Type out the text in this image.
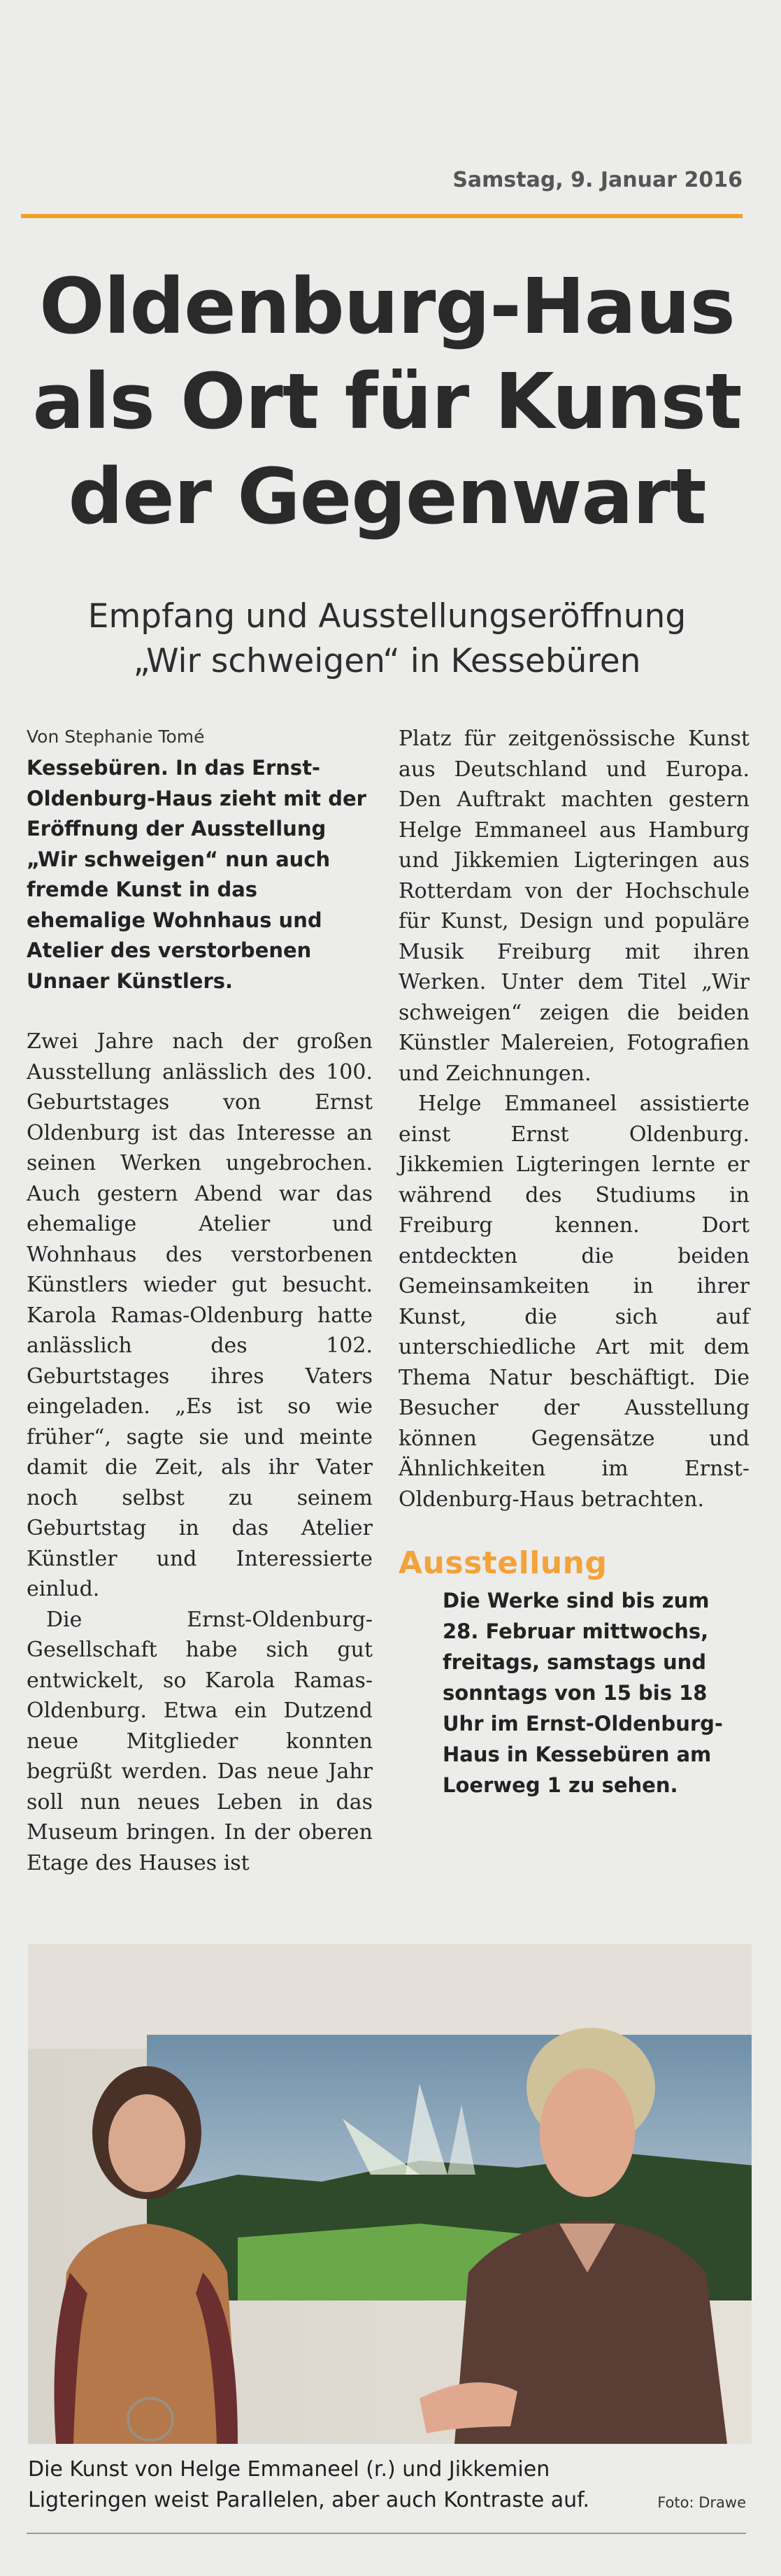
Samstag, 9. Januar 2016
Oldenburg-Haus
als Ort für Kunst
der Gegenwart
Empfang und Ausstellungseröffnung
„Wir schweigen“ in Kessebüren

Von Stephanie Tomé

Kessebüren. In das Ernst-Oldenburg-Haus zieht mit der Eröffnung der Ausstellung „Wir schweigen“ nun auch fremde Kunst in das ehemalige Wohnhaus und Atelier des verstorbenen Unnaer Künstlers.

Zwei Jahre nach der großen Ausstellung anlässlich des 100. Geburtstages von Ernst Oldenburg ist das Interesse an seinen Werken ungebrochen. Auch gestern Abend war das ehemalige Atelier und Wohnhaus des verstorbenen Künstlers wieder gut besucht. Karola Ramas-Oldenburg hatte anlässlich des 102. Geburtstages ihres Vaters eingeladen. „Es ist so wie früher“, sagte sie und meinte damit die Zeit, als ihr Vater noch selbst zu seinem Geburtstag in das Atelier Künstler und Interessierte einlud.

Die Ernst-Oldenburg-Gesellschaft habe sich gut entwickelt, so Karola Ramas-Oldenburg. Etwa ein Dutzend neue Mitglieder konnten begrüßt werden. Das neue Jahr soll nun neues Leben in das Museum bringen. In der oberen Etage des Hauses ist

Platz für zeitgenössische Kunst aus Deutschland und Europa. Den Auftrakt machten gestern Helge Emmaneel aus Hamburg und Jikkemien Ligteringen aus Rotterdam von der Hochschule für Kunst, Design und populäre Musik Freiburg mit ihren Werken. Unter dem Titel „Wir schweigen“ zeigen die beiden Künstler Malereien, Fotografien und Zeichnungen.

Helge Emmaneel assistierte einst Ernst Oldenburg. Jikkemien Ligteringen lernte er während des Studiums in Freiburg kennen. Dort entdeckten die beiden Gemeinsamkeiten in ihrer Kunst, die sich auf unterschiedliche Art mit dem Thema Natur beschäftigt. Die Besucher der Ausstellung können Gegensätze und Ähnlichkeiten im Ernst-Oldenburg-Haus betrachten.

Ausstellung

Die Werke sind bis zum 28. Februar mittwochs, freitags, samstags und sonntags von 15 bis 18 Uhr im Ernst-Oldenburg-Haus in Kessebüren am Loerweg 1 zu sehen.

Die Kunst von Helge Emmaneel (r.) und Jikkemien Ligteringen weist Parallelen, aber auch Kontraste auf.	Foto: Drawe
